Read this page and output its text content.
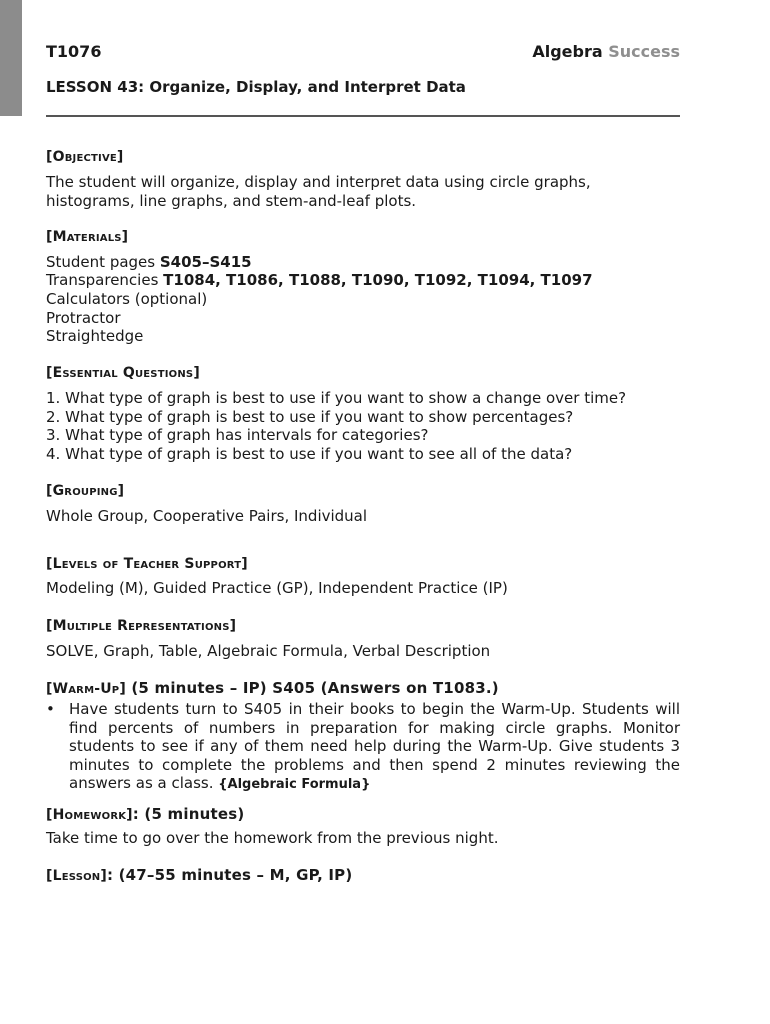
T1076	Algebra Success
LESSON 43: Organize, Display, and Interpret Data
[Objective]
The student will organize, display and interpret data using circle graphs, histograms, line graphs, and stem-and-leaf plots.
[Materials]
Student pages S405–S415
Transparencies T1084, T1086, T1088, T1090, T1092, T1094, T1097
Calculators (optional)
Protractor
Straightedge
[Essential Questions]
1. What type of graph is best to use if you want to show a change over time?
2. What type of graph is best to use if you want to show percentages?
3. What type of graph has intervals for categories?
4. What type of graph is best to use if you want to see all of the data?
[Grouping]
Whole Group, Cooperative Pairs, Individual
[Levels of Teacher Support]
Modeling (M), Guided Practice (GP), Independent Practice (IP)
[Multiple Representations]
SOLVE, Graph, Table, Algebraic Formula, Verbal Description
[Warm-Up] (5 minutes – IP) S405 (Answers on T1083.)
• Have students turn to S405 in their books to begin the Warm-Up. Students will find percents of numbers in preparation for making circle graphs. Monitor students to see if any of them need help during the Warm-Up. Give students 3 minutes to complete the problems and then spend 2 minutes reviewing the answers as a class. {Algebraic Formula}
[Homework]: (5 minutes)
Take time to go over the homework from the previous night.
[Lesson]: (47–55 minutes – M, GP, IP)
